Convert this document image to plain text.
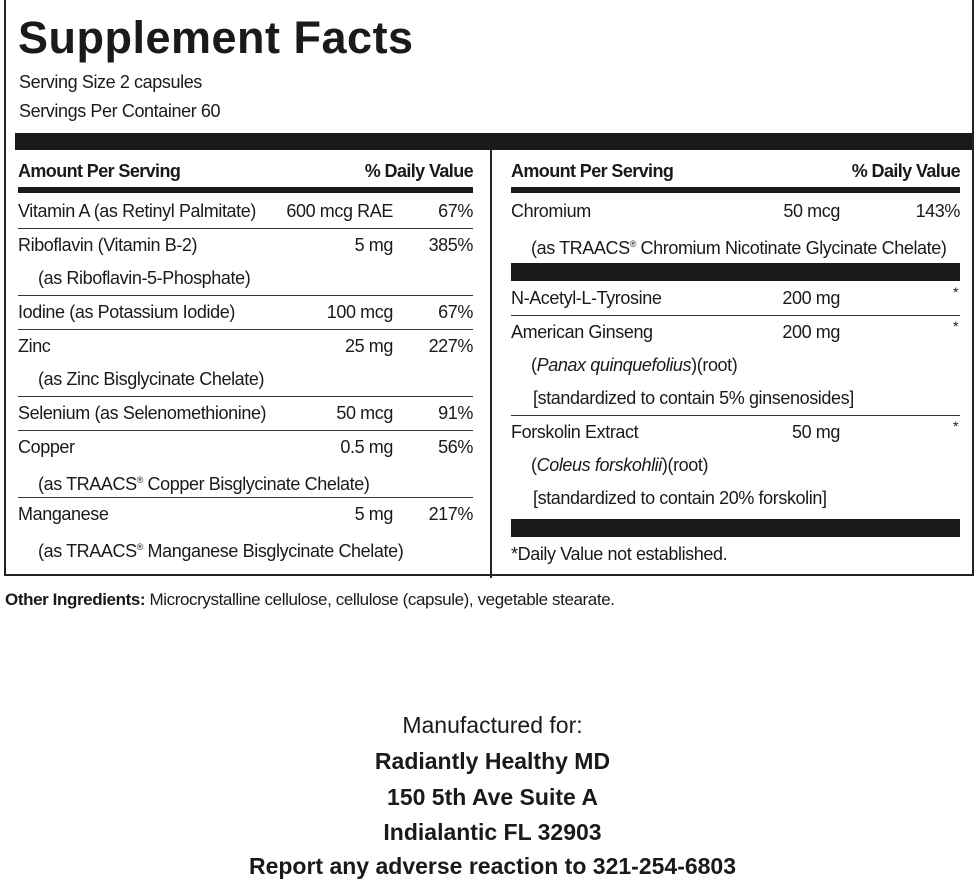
Supplement Facts
Serving Size 2 capsules
Servings Per Container 60
Amount Per Serving	% Daily Value
Vitamin A (as Retinyl Palmitate) 600 mcg RAE	67%
Riboflavin (Vitamin B-2)	5 mg 385%
(as Riboflavin-5-Phosphate)
Iodine (as Potassium Iodide)	100 mcg	67%
Zinc	25 mg 227%
(as Zinc Bisglycinate Chelate)
Selenium (as Selenomethionine)	50 mcg	91%
Copper	0.5 mg	56%
(as TRAACS® Copper Bisglycinate Chelate)
Manganese	5 mg 217%
(as TRAACS® Manganese Bisglycinate Chelate)
Amount Per Serving	% Daily Value
Chromium	50 mcg	143%
(as TRAACS® Chromium Nicotinate Glycinate Chelate)
N-Acetyl-L-Tyrosine	200 mg	*
American Ginseng	200 mg	*
(Panax quinquefolius)(root)
[standardized to contain 5% ginsenosides]
Forskolin Extract	50 mg	*
(Coleus forskohlii)(root)
[standardized to contain 20% forskolin]
*Daily Value not established.
Other Ingredients: Microcrystalline cellulose, cellulose (capsule), vegetable stearate.
Manufactured for:
Radiantly Healthy MD
150 5th Ave Suite A
Indialantic FL 32903
Report any adverse reaction to 321-254-6803
